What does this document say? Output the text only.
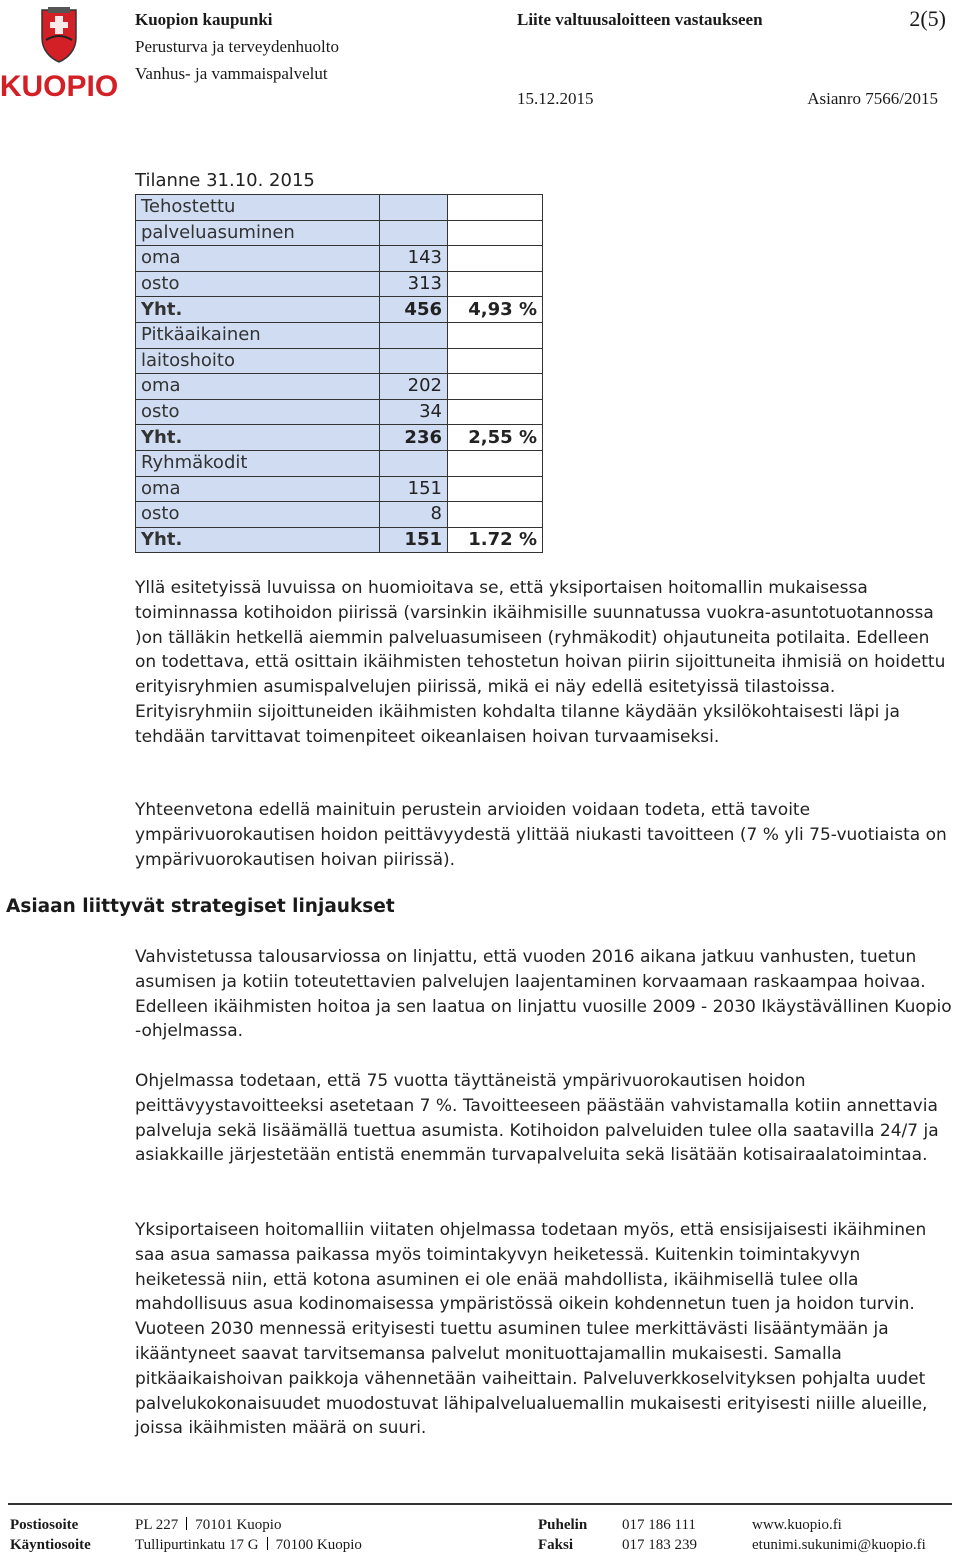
KUOPIO
Kuopion kaupunki
Perusturva ja terveydenhuolto
Vanhus- ja vammaispalvelut
Liite valtuusaloitteen vastaukseen	2(5)
15.12.2015	Asianro 7566/2015
Tilanne 31.10. 2015
Tehostettu		
palveluasuminen		
oma	143	
osto	313	
Yht.	456	4,93 %
Pitkäaikainen		
laitoshoito		
oma	202	
osto	34	
Yht.	236	2,55 %
Ryhmäkodit		
oma	151	
osto	8	
Yht.	151	1.72 %

Yllä esitetyissä luvuissa on huomioitava se, että yksiportaisen hoitomallin mukaisessa toiminnassa kotihoidon piirissä (varsinkin ikäihmisille suunnatussa vuokra-asuntotuotannossa )on tälläkin hetkellä aiemmin palveluasumiseen (ryhmäkodit) ohjautuneita potilaita. Edelleen on todettava, että osittain ikäihmisten tehostetun hoivan piirin sijoittuneita ihmisiä on hoidettu erityisryhmien asumispalvelujen piirissä, mikä ei näy edellä esitetyissä tilastoissa. Erityisryhmiin sijoittuneiden ikäihmisten kohdalta tilanne käydään yksilökohtaisesti läpi ja tehdään tarvittavat toimenpiteet oikeanlaisen hoivan turvaamiseksi.

Yhteenvetona edellä mainituin perustein arvioiden voidaan todeta, että tavoite ympärivuorokautisen hoidon peittävyydestä ylittää niukasti tavoitteen (7 % yli 75-vuotiaista on ympärivuorokautisen hoivan piirissä).

Asiaan liittyvät strategiset linjaukset

Vahvistetussa talousarviossa on linjattu, että vuoden 2016 aikana jatkuu vanhusten, tuetun asumisen ja kotiin toteutettavien palvelujen laajentaminen korvaamaan raskaampaa hoivaa. Edelleen ikäihmisten hoitoa ja sen laatua on linjattu vuosille 2009 - 2030 Ikäystävällinen Kuopio -ohjelmassa.

Ohjelmassa todetaan, että 75 vuotta täyttäneistä ympärivuorokautisen hoidon peittävyystavoitteeksi asetetaan 7 %. Tavoitteeseen päästään vahvistamalla kotiin annettavia palveluja sekä lisäämällä tuettua asumista. Kotihoidon palveluiden tulee olla saatavilla 24/7 ja asiakkaille järjestetään entistä enemmän turvapalveluita sekä lisätään kotisairaalatoimintaa.

Yksiportaiseen hoitomalliin viitaten ohjelmassa todetaan myös, että ensisijaisesti ikäihminen saa asua samassa paikassa myös toimintakyvyn heiketessä. Kuitenkin toimintakyvyn heiketessä niin, että kotona asuminen ei ole enää mahdollista, ikäihmisellä tulee olla mahdollisuus asua kodinomaisessa ympäristössä oikein kohdennetun tuen ja hoidon turvin. Vuoteen 2030 mennessä erityisesti tuettu asuminen tulee merkittävästi lisääntymään ja ikääntyneet saavat tarvitsemansa palvelut monituottajamallin mukaisesti. Samalla pitkäaikaishoivan paikkoja vähennetään vaiheittain. Palveluverkkoselvityksen pohjalta uudet palvelukokonaisuudet muodostuvat lähipalvelualuemallin mukaisesti erityisesti niille alueille, joissa ikäihmisten määrä on suuri.

Postiosoite
Käyntiosoite
PL 227 70101 Kuopio
Tullipurtinkatu 17 G 70100 Kuopio
Puhelin
Faksi
017 186 111
017 183 239
www.kuopio.fi
etunimi.sukunimi@kuopio.fi
